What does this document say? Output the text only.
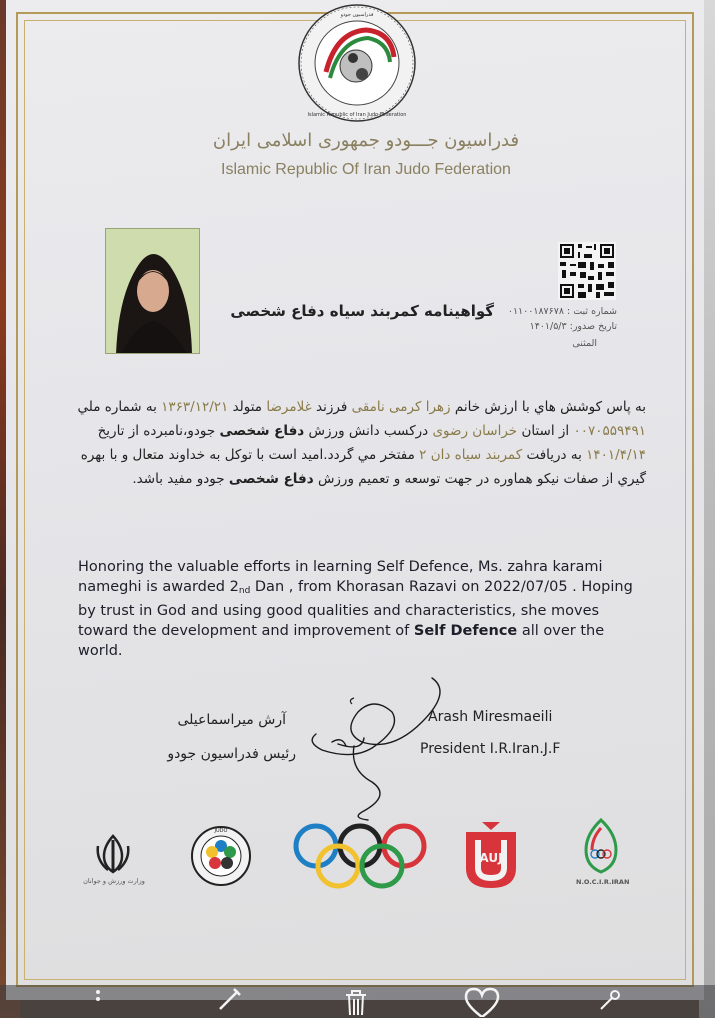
فدراسیون جودو
Islamic Republic of Iran Judo Federation
فدراسیون جـــودو جمهوری اسلامی ایران
Islamic Republic Of Iran Judo Federation
شماره ثبت : ۰۱۱۰۰۱۸۷۶۷۸
گواهینامه کمربند سیاه دفاع شخصی
تاریخ صدور: ۱۴۰۱/۵/۳
المثنی
به پاس کوشش هاي با ارزش خانم زهرا کرمی نامقی فرزند غلامرضا متولد ۱۳۶۳/۱۲/۲۱ به شماره ملي ۰۰۷۰۵۵۹۴۹۱ از استان خراسان رضوی درکسب دانش ورزش دفاع شخصی جودو،نامبرده از تاریخ ۱۴۰۱/۴/۱۴ به دریافت کمربند سیاه دان ۲ مفتخر مي گردد.امید است با توکل به خداوند متعال و با بهره گیري از صفات نیکو هماوره در جهت توسعه و تعمیم ورزش دفاع شخصی جودو مفید باشد.
Honoring the valuable efforts in learning Self Defence, Ms. zahra karami nameghi is awarded $2_{nd}$ Dan , from Khorasan Razavi on 2022/07/05 . Hoping by trust in God and using good qualities and characteristics, she moves toward the development and improvement of Self Defence all over the world.
آرش میراسماعیلی
رئیس فدراسیون جودو
Arash Miresmaeili
President I.R.Iran.J.F
وزارت ورزش و جوانان
JUDO
AUJ
N.O.C.I.R.IRAN
